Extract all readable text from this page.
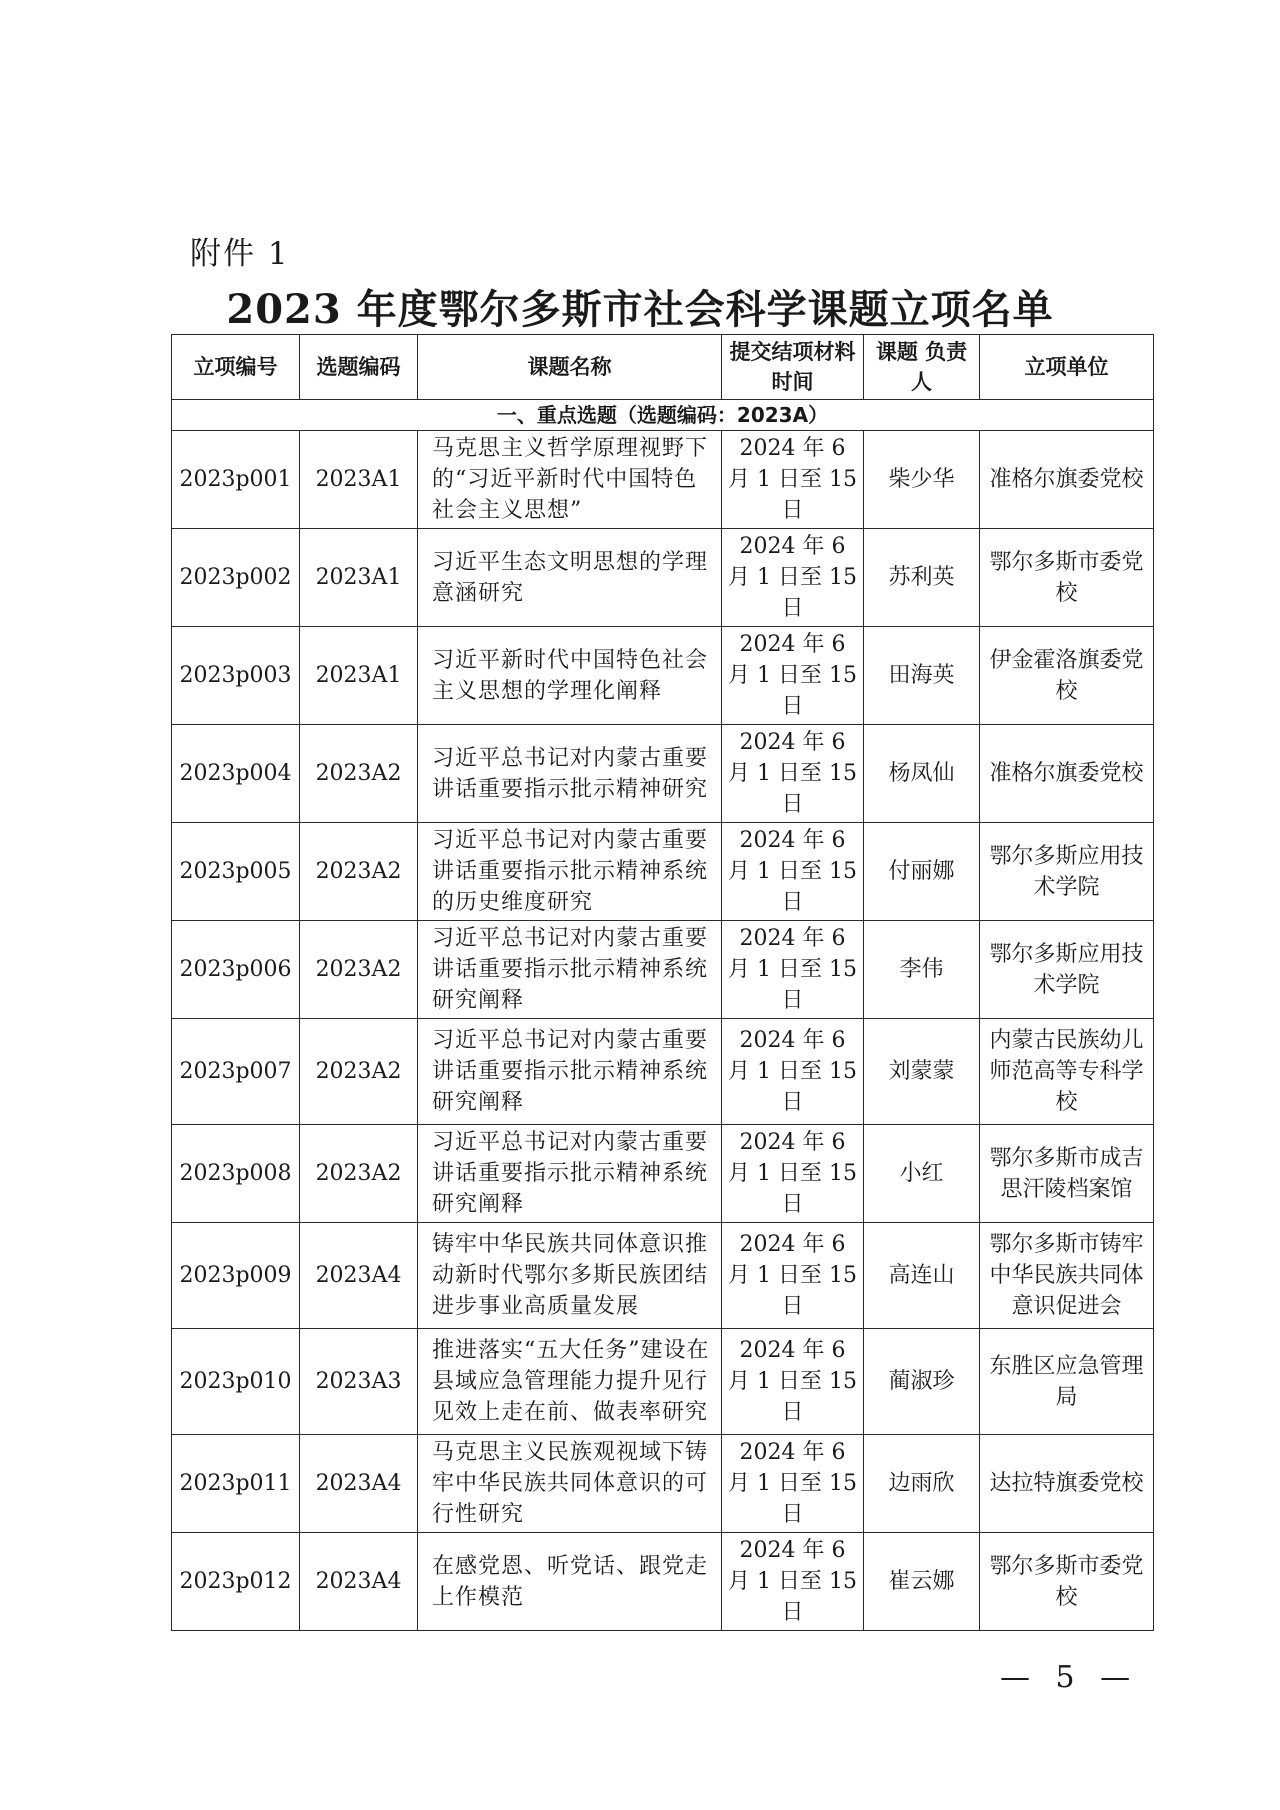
附件 1
2023 年度鄂尔多斯市社会科学课题立项名单
立项编号	选题编码	课题名称	提交结项材料时间	课题 负责人	立项单位
一、重点选题（选题编码：2023A）					
2023p001	2023A1	马克思主义哲学原理视野下的“习近平新时代中国特色社会主义思想”	2024 年 6 月 1 日至 15 日	柴少华	准格尔旗委党校
2023p002	2023A1	习近平生态文明思想的学理意涵研究	2024 年 6 月 1 日至 15 日	苏利英	鄂尔多斯市委党校
2023p003	2023A1	习近平新时代中国特色社会主义思想的学理化阐释	2024 年 6 月 1 日至 15 日	田海英	伊金霍洛旗委党校
2023p004	2023A2	习近平总书记对内蒙古重要讲话重要指示批示精神研究	2024 年 6 月 1 日至 15 日	杨凤仙	准格尔旗委党校
2023p005	2023A2	习近平总书记对内蒙古重要讲话重要指示批示精神系统的历史维度研究	2024 年 6 月 1 日至 15 日	付丽娜	鄂尔多斯应用技术学院
2023p006	2023A2	习近平总书记对内蒙古重要讲话重要指示批示精神系统研究阐释	2024 年 6 月 1 日至 15 日	李伟	鄂尔多斯应用技术学院
2023p007	2023A2	习近平总书记对内蒙古重要讲话重要指示批示精神系统研究阐释	2024 年 6 月 1 日至 15 日	刘蒙蒙	内蒙古民族幼儿师范高等专科学校
2023p008	2023A2	习近平总书记对内蒙古重要讲话重要指示批示精神系统研究阐释	2024 年 6 月 1 日至 15 日	小红	鄂尔多斯市成吉思汗陵档案馆
2023p009	2023A4	铸牢中华民族共同体意识推动新时代鄂尔多斯民族团结进步事业高质量发展	2024 年 6 月 1 日至 15 日	高连山	鄂尔多斯市铸牢中华民族共同体意识促进会
2023p010	2023A3	推进落实“五大任务”建设在县域应急管理能力提升见行见效上走在前、做表率研究	2024 年 6 月 1 日至 15 日	蔺淑珍	东胜区应急管理局
2023p011	2023A4	马克思主义民族观视域下铸牢中华民族共同体意识的可行性研究	2024 年 6 月 1 日至 15 日	边雨欣	达拉特旗委党校
2023p012	2023A4	在感党恩、听党话、跟党走上作模范	2024 年 6 月 1 日至 15 日	崔云娜	鄂尔多斯市委党校
— 5 —
